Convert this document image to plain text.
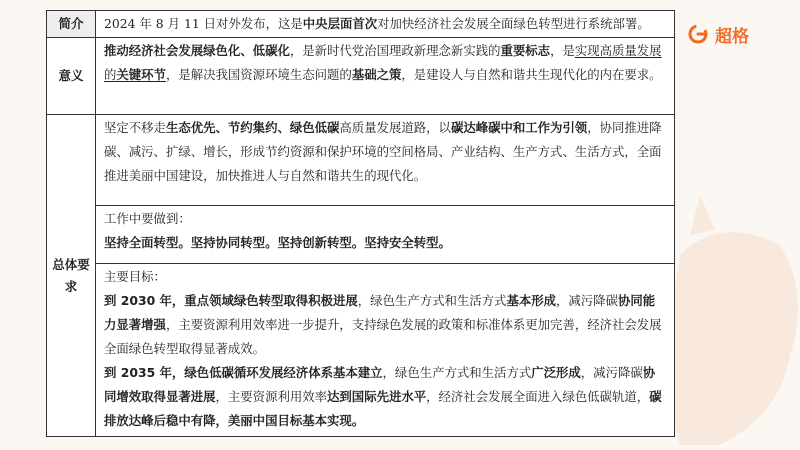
超格
简介	2024 年 8 月 11 日对外发布，这是中央层面首次对加快经济社会发展全面绿色转型进行系统部署。

意义	推动经济社会发展绿色化、低碳化，是新时代党治国理政新理念新实践的重要标志，是实现高质量发展的关键环节，是解决我国资源环境生态问题的基础之策，是建设人与自然和谐共生现代化的内在要求。

总体要求	坚定不移走生态优先、节约集约、绿色低碳高质量发展道路，以碳达峰碳中和工作为引领，协同推进降碳、减污、扩绿、增长，形成节约资源和保护环境的空间格局、产业结构、生产方式、生活方式，全面推进美丽中国建设，加快推进人与自然和谐共生的现代化。

	工作中要做到：

坚持全面转型。坚持协同转型。坚持创新转型。坚持安全转型。

	主要目标：

到 2030 年，重点领域绿色转型取得积极进展，绿色生产方式和生活方式基本形成，减污降碳协同能力显著增强，主要资源利用效率进一步提升，支持绿色发展的政策和标准体系更加完善，经济社会发展全面绿色转型取得显著成效。

到 2035 年，绿色低碳循环发展经济体系基本建立，绿色生产方式和生活方式广泛形成，减污降碳协同增效取得显著进展，主要资源利用效率达到国际先进水平，经济社会发展全面进入绿色低碳轨道，碳排放达峰后稳中有降，美丽中国目标基本实现。
